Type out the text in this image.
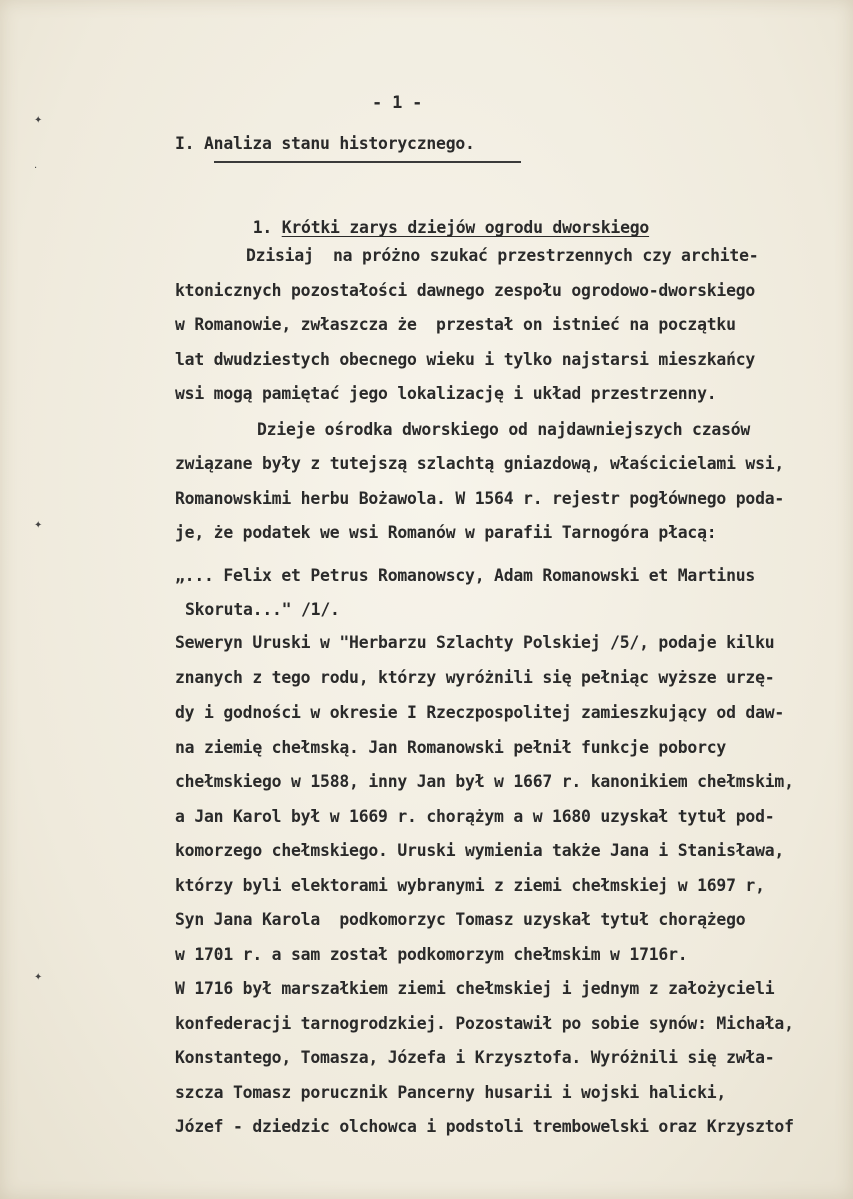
✦
·
✦
✦
- 1 -
I. Analiza stanu historycznego.

1. Krótki zarys dziejów ogrodu dworskiego

Dzisiaj  na próżno szukać przestrzennych czy archite-
ktonicznych pozostałości dawnego zespołu ogrodowo-dworskiego
w Romanowie, zwłaszcza że  przestał on istnieć na początku
lat dwudziestych obecnego wieku i tylko najstarsi mieszkańcy
wsi mogą pamiętać jego lokalizację i układ przestrzenny.
Dzieje ośrodka dworskiego od najdawniejszych czasów
związane były z tutejszą szlachtą gniazdową, właścicielami wsi,
Romanowskimi herbu Bożawola. W 1564 r. rejestr pogłównego poda-
je, że podatek we wsi Romanów w parafii Tarnogóra płacą:
„... Felix et Petrus Romanowscy, Adam Romanowski et Martinus
Skoruta..." /1/.
Seweryn Uruski w "Herbarzu Szlachty Polskiej /5/, podaje kilku
znanych z tego rodu, którzy wyróżnili się pełniąc wyższe urzę-
dy i godności w okresie I Rzeczpospolitej zamieszkujący od daw-
na ziemię chełmską. Jan Romanowski pełnił funkcje poborcy
chełmskiego w 1588, inny Jan był w 1667 r. kanonikiem chełmskim,
a Jan Karol był w 1669 r. chorążym a w 1680 uzyskał tytuł pod-
komorzego chełmskiego. Uruski wymienia także Jana i Stanisława,
którzy byli elektorami wybranymi z ziemi chełmskiej w 1697 r,
Syn Jana Karola  podkomorzyc Tomasz uzyskał tytuł chorążego
w 1701 r. a sam został podkomorzym chełmskim w 1716r.
W 1716 był marszałkiem ziemi chełmskiej i jednym z założycieli
konfederacji tarnogrodzkiej. Pozostawił po sobie synów: Michała,
Konstantego, Tomasza, Józefa i Krzysztofa. Wyróżnili się zwła-
szcza Tomasz porucznik Pancerny husarii i wojski halicki,
Józef - dziedzic olchowca i podstoli trembowelski oraz Krzysztof
